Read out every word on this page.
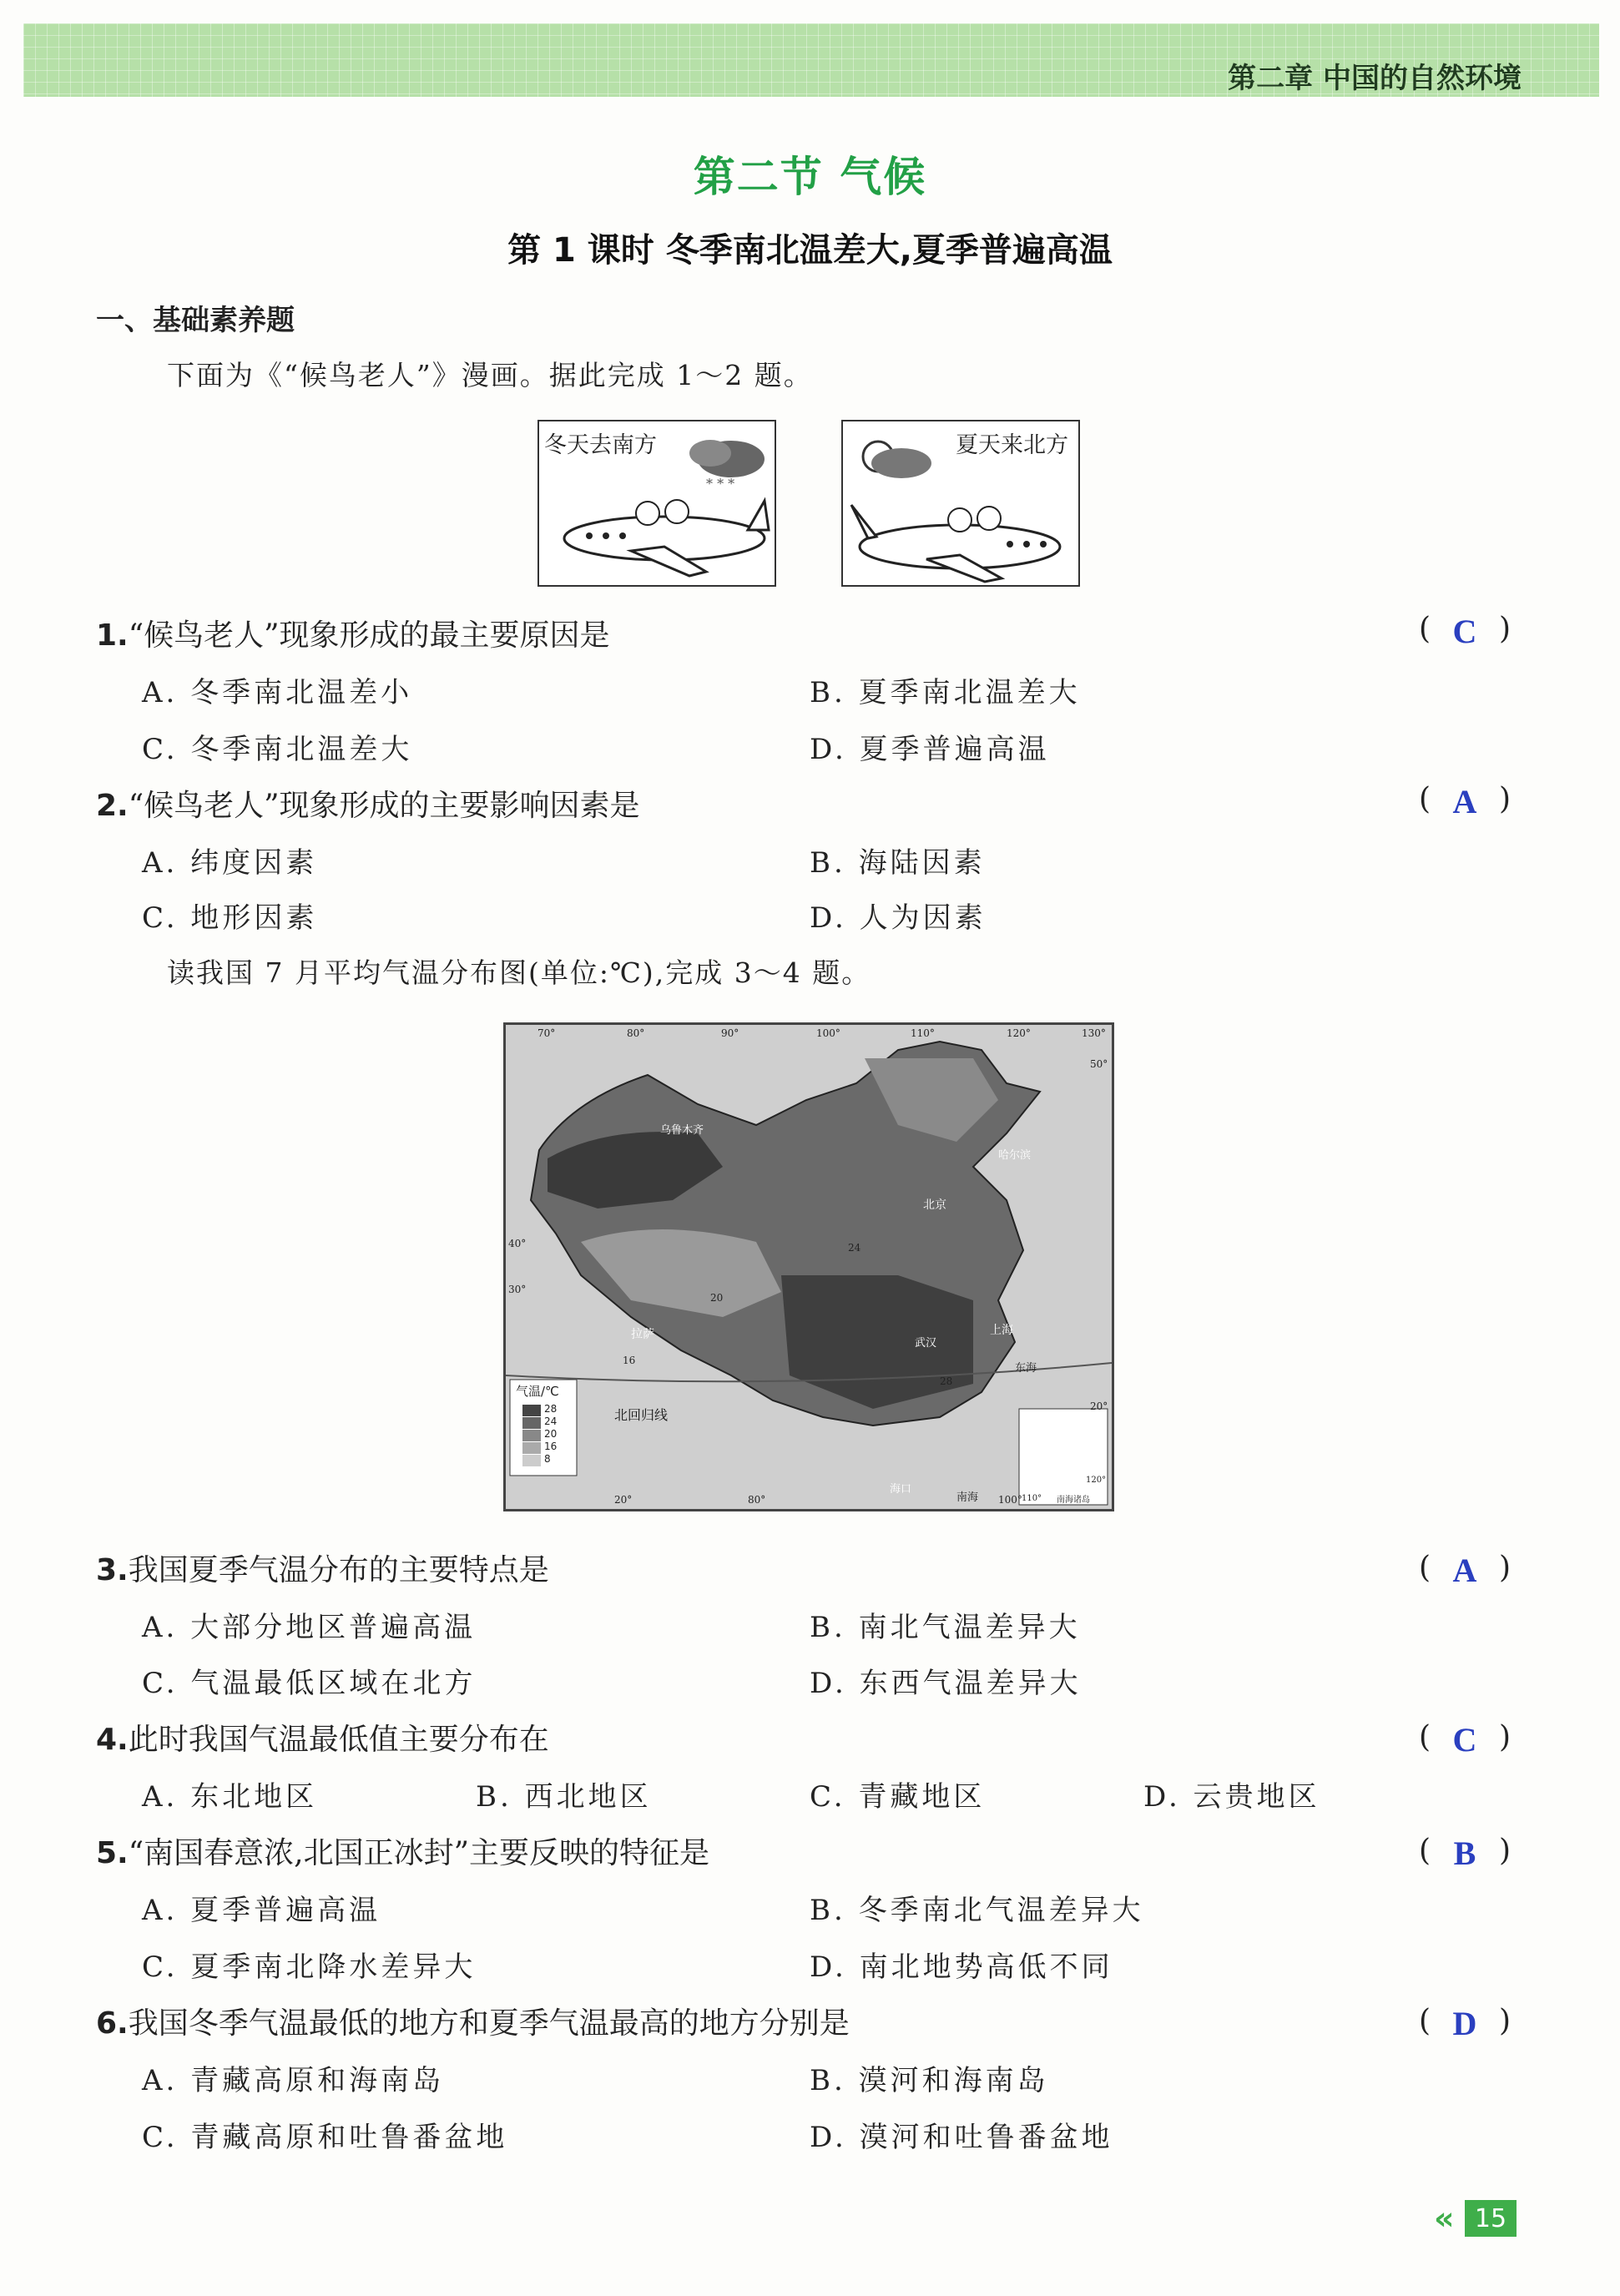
第二章 中国的自然环境
第二节 气候
第 1 课时 冬季南北温差大,夏季普遍高温
一、基础素养题
下面为《“候鸟老人”》漫画。据此完成 1～2 题。
冬天去南方
* * *
夏天来北方
1.“候鸟老人”现象形成的最主要原因是	( C )
A. 冬季南北温差小	B. 夏季南北温差大
C. 冬季南北温差大	D. 夏季普遍高温
2.“候鸟老人”现象形成的主要影响因素是	( A )
A. 纬度因素	B. 海陆因素
C. 地形因素	D. 人为因素
读我国 7 月平均气温分布图(单位:℃),完成 3～4 题。
气温/℃
28
24
20
16
8
北回归线
北京
上海
拉萨
乌鲁木齐
哈尔滨
武汉
海口
东海
南海	南海诸岛
70°	80°	90°	100°	110°	120°	130°
50°
40°
30°
20°
20°	80°	100° 110°
120°
16
20
24
28
3.我国夏季气温分布的主要特点是	( A )
A. 大部分地区普遍高温	B. 南北气温差异大
C. 气温最低区域在北方	D. 东西气温差异大
4.此时我国气温最低值主要分布在	( C )
A. 东北地区	B. 西北地区	C. 青藏地区	D. 云贵地区
5.“南国春意浓,北国正冰封”主要反映的特征是	( B )
A. 夏季普遍高温	B. 冬季南北气温差异大
C. 夏季南北降水差异大	D. 南北地势高低不同
6.我国冬季气温最低的地方和夏季气温最高的地方分别是	( D )
A. 青藏高原和海南岛	B. 漠河和海南岛
C. 青藏高原和吐鲁番盆地	D. 漠河和吐鲁番盆地
« 15
